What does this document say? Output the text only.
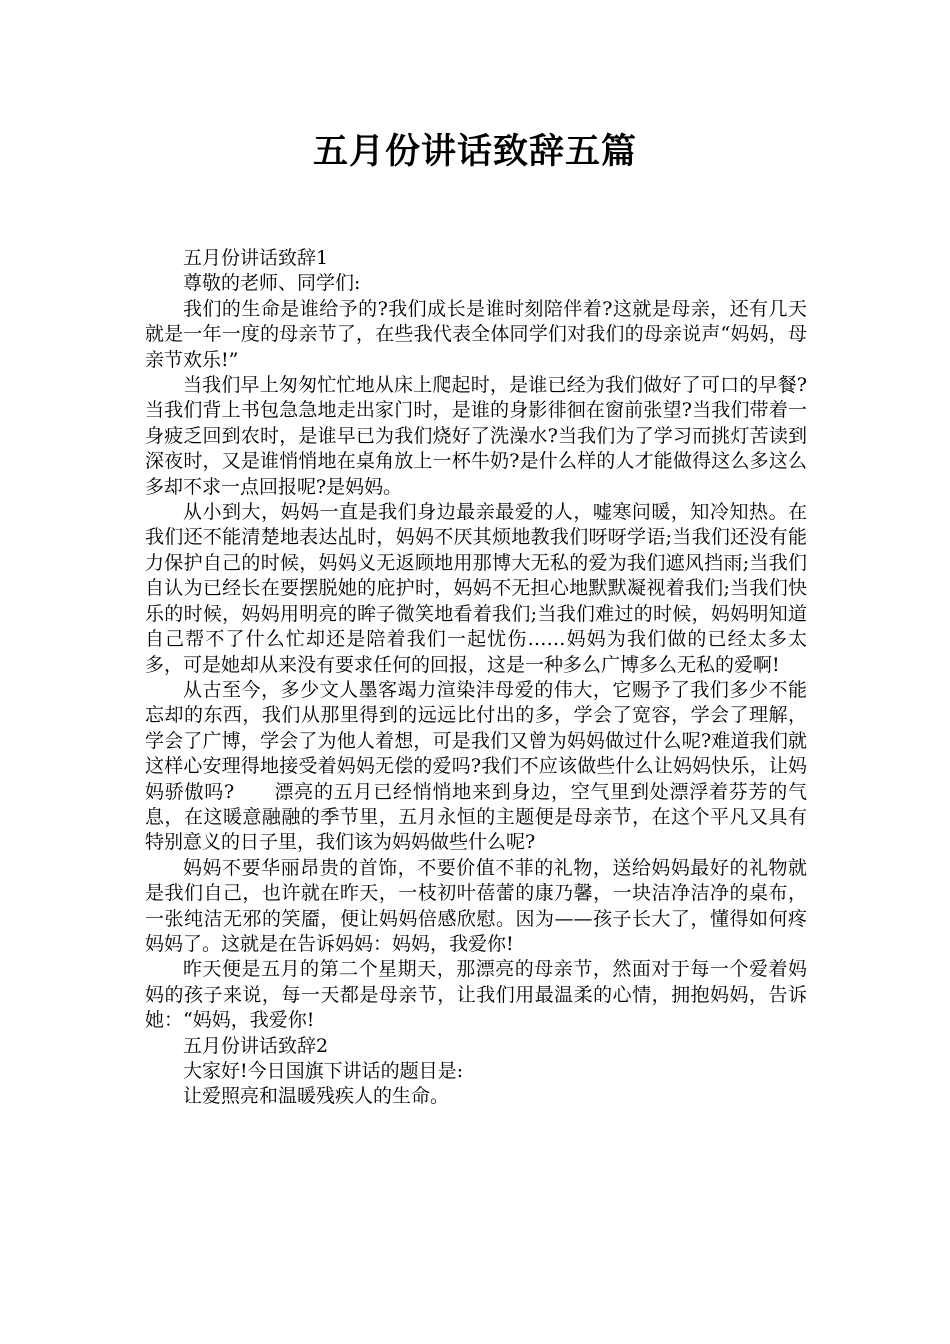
五月份讲话致辞五篇

五月份讲话致辞1

尊敬的老师、同学们:

我们的生命是谁给予的?我们成长是谁时刻陪伴着?这就是母亲，还有几天就是一年一度的母亲节了，在些我代表全体同学们对我们的母亲说声“妈妈，母亲节欢乐!”

当我们早上匆匆忙忙地从床上爬起时，是谁已经为我们做好了可口的早餐?当我们背上书包急急地走出家门时，是谁的身影徘徊在窗前张望?当我们带着一身疲乏回到农时，是谁早已为我们烧好了洗澡水?当我们为了学习而挑灯苦读到深夜时，又是谁悄悄地在桌角放上一杯牛奶?是什么样的人才能做得这么多这么多却不求一点回报呢?是妈妈。

从小到大，妈妈一直是我们身边最亲最爱的人，嘘寒问暖，知冷知热。在我们还不能清楚地表达乩时，妈妈不厌其烦地教我们呀呀学语;当我们还没有能力保护自己的时候，妈妈义无返顾地用那博大无私的爱为我们遮风挡雨;当我们自认为已经长在要摆脱她的庇护时，妈妈不无担心地默默凝视着我们;当我们快乐的时候，妈妈用明亮的眸子微笑地看着我们;当我们难过的时候，妈妈明知道自己帮不了什么忙却还是陪着我们一起忧伤……妈妈为我们做的已经太多太多，可是她却从来没有要求任何的回报，这是一种多么广博多么无私的爱啊!

从古至今，多少文人墨客竭力渲染沣母爱的伟大，它赐予了我们多少不能忘却的东西，我们从那里得到的远远比付出的多，学会了宽容，学会了理解，学会了广博，学会了为他人着想，可是我们又曾为妈妈做过什么呢?难道我们就这样心安理得地接受着妈妈无偿的爱吗?我们不应该做些什么让妈妈快乐，让妈妈骄傲吗?　　漂亮的五月已经悄悄地来到身边，空气里到处漂浮着芬芳的气息，在这暖意融融的季节里，五月永恒的主题便是母亲节，在这个平凡又具有特别意义的日子里，我们该为妈妈做些什么呢?

妈妈不要华丽昂贵的首饰，不要价值不菲的礼物，送给妈妈最好的礼物就是我们自己，也许就在昨天，一枝初叶蓓蕾的康乃馨，一块洁净洁净的桌布，一张纯洁无邪的笑靥，便让妈妈倍感欣慰。因为——孩子长大了，懂得如何疼妈妈了。这就是在告诉妈妈：妈妈，我爱你!

昨天便是五月的第二个星期天，那漂亮的母亲节，然面对于每一个爱着妈妈的孩子来说，每一天都是母亲节，让我们用最温柔的心情，拥抱妈妈，告诉她：“妈妈，我爱你!

五月份讲话致辞2

大家好!今日国旗下讲话的题目是:

让爱照亮和温暖残疾人的生命。
